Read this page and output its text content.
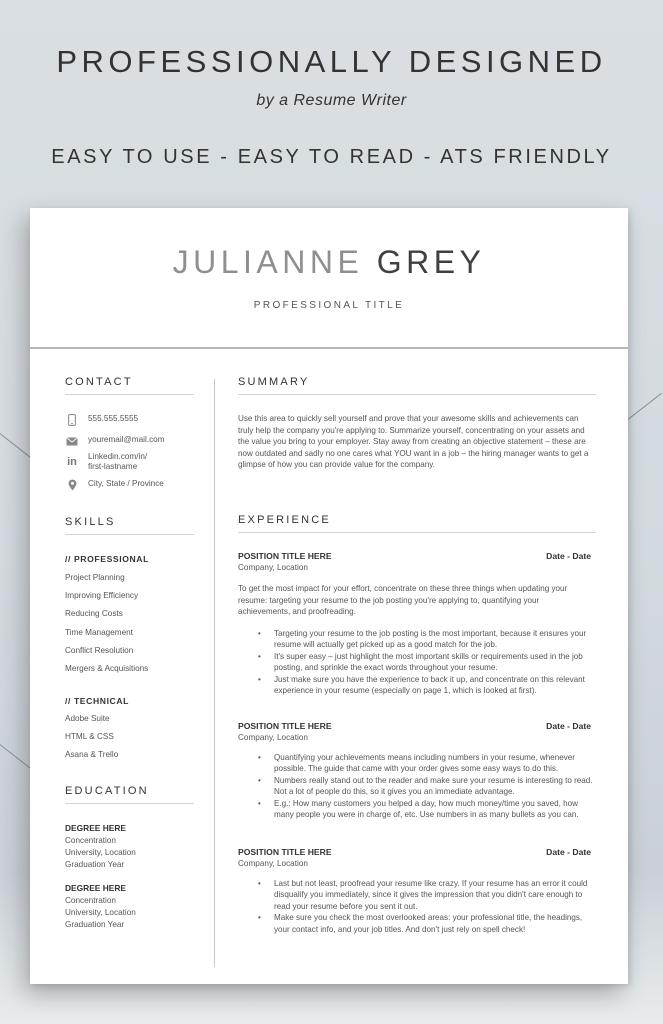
PROFESSIONALLY DESIGNED
by a Resume Writer
EASY TO USE - EASY TO READ - ATS FRIENDLY
JULIANNE GREY
PROFESSIONAL TITLE
CONTACT
555.555.5555
youremail@mail.com
in Linkedin.com/in/
first-lastname
City, State / Province
SKILLS
// PROFESSIONAL
Project Planning
Improving Efficiency
Reducing Costs
Time Management
Conflict Resolution
Mergers & Acquisitions
// TECHNICAL
Adobe Suite
HTML & CSS
Asana & Trello
EDUCATION
DEGREE HERE
Concentration
University, Location
Graduation Year
DEGREE HERE
Concentration
University, Location
Graduation Year
SUMMARY
Use this area to quickly sell yourself and prove that your awesome skills and achievements can truly help the company you're applying to. Summarize yourself, concentrating on your assets and the value you bring to your employer. Stay away from creating an objective statement – these are now outdated and sadly no one cares what YOU want in a job – the hiring manager wants to get a glimpse of how you can provide value for the company.
EXPERIENCE
POSITION TITLE HERE	Date - Date
Company, Location
To get the most impact for your effort, concentrate on these three things when updating your resume: targeting your resume to the job posting you're applying to, quantifying your achievements, and proofreading.
• Targeting your resume to the job posting is the most important, because it ensures your resume will actually get picked up as a good match for the job.
• It's super easy – just highlight the most important skills or requirements used in the job posting, and sprinkle the exact words throughout your resume.
• Just make sure you have the experience to back it up, and concentrate on this relevant experience in your resume (especially on page 1, which is looked at first).
POSITION TITLE HERE	Date - Date
Company, Location
• Quantifying your achievements means including numbers in your resume, whenever possible. The guide that came with your order gives some easy ways to do this.
• Numbers really stand out to the reader and make sure your resume is interesting to read. Not a lot of people do this, so it gives you an immediate advantage.
• E.g.: How many customers you helped a day, how much money/time you saved, how many people you were in charge of, etc. Use numbers in as many bullets as you can.
POSITION TITLE HERE	Date - Date
Company, Location
• Last but not least, proofread your resume like crazy. If your resume has an error it could disqualify you immediately, since it gives the impression that you didn't care enough to read your resume before you sent it out.
• Make sure you check the most overlooked areas: your professional title, the headings, your contact info, and your job titles. And don't just rely on spell check!
